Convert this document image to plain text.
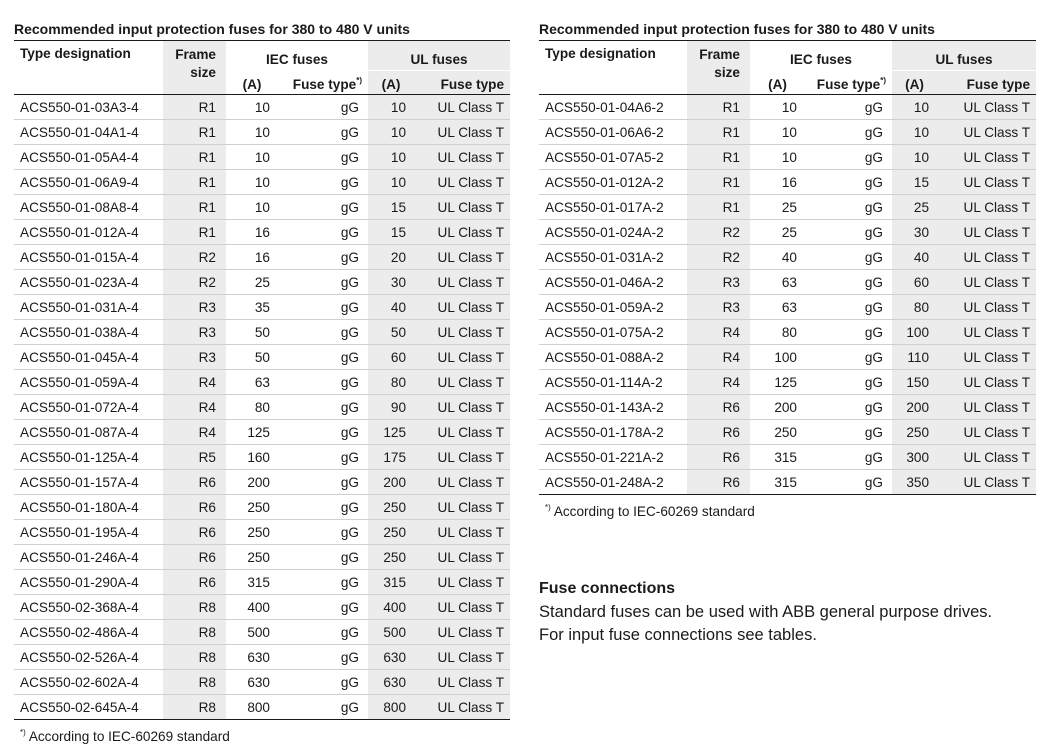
Recommended input protection fuses for 380 to 480 V units
Type designation	Frame size	IEC fuses		UL fuses	
		(A)	Fuse type*)	(A)	Fuse type
ACS550-01-03A3-4	R1	10	gG	10	UL Class T
ACS550-01-04A1-4	R1	10	gG	10	UL Class T
ACS550-01-05A4-4	R1	10	gG	10	UL Class T
ACS550-01-06A9-4	R1	10	gG	10	UL Class T
ACS550-01-08A8-4	R1	10	gG	15	UL Class T
ACS550-01-012A-4	R1	16	gG	15	UL Class T
ACS550-01-015A-4	R2	16	gG	20	UL Class T
ACS550-01-023A-4	R2	25	gG	30	UL Class T
ACS550-01-031A-4	R3	35	gG	40	UL Class T
ACS550-01-038A-4	R3	50	gG	50	UL Class T
ACS550-01-045A-4	R3	50	gG	60	UL Class T
ACS550-01-059A-4	R4	63	gG	80	UL Class T
ACS550-01-072A-4	R4	80	gG	90	UL Class T
ACS550-01-087A-4	R4	125	gG	125	UL Class T
ACS550-01-125A-4	R5	160	gG	175	UL Class T
ACS550-01-157A-4	R6	200	gG	200	UL Class T
ACS550-01-180A-4	R6	250	gG	250	UL Class T
ACS550-01-195A-4	R6	250	gG	250	UL Class T
ACS550-01-246A-4	R6	250	gG	250	UL Class T
ACS550-01-290A-4	R6	315	gG	315	UL Class T
ACS550-02-368A-4	R8	400	gG	400	UL Class T
ACS550-02-486A-4	R8	500	gG	500	UL Class T
ACS550-02-526A-4	R8	630	gG	630	UL Class T
ACS550-02-602A-4	R8	630	gG	630	UL Class T
ACS550-02-645A-4	R8	800	gG	800	UL Class T
*) According to IEC-60269 standard
Recommended input protection fuses for 380 to 480 V units
Type designation	Frame size	IEC fuses		UL fuses	
		(A)	Fuse type*)	(A)	Fuse type
ACS550-01-04A6-2	R1	10	gG	10	UL Class T
ACS550-01-06A6-2	R1	10	gG	10	UL Class T
ACS550-01-07A5-2	R1	10	gG	10	UL Class T
ACS550-01-012A-2	R1	16	gG	15	UL Class T
ACS550-01-017A-2	R1	25	gG	25	UL Class T
ACS550-01-024A-2	R2	25	gG	30	UL Class T
ACS550-01-031A-2	R2	40	gG	40	UL Class T
ACS550-01-046A-2	R3	63	gG	60	UL Class T
ACS550-01-059A-2	R3	63	gG	80	UL Class T
ACS550-01-075A-2	R4	80	gG	100	UL Class T
ACS550-01-088A-2	R4	100	gG	110	UL Class T
ACS550-01-114A-2	R4	125	gG	150	UL Class T
ACS550-01-143A-2	R6	200	gG	200	UL Class T
ACS550-01-178A-2	R6	250	gG	250	UL Class T
ACS550-01-221A-2	R6	315	gG	300	UL Class T
ACS550-01-248A-2	R6	315	gG	350	UL Class T
*) According to IEC-60269 standard
Fuse connections
Standard fuses can be used with ABB general purpose drives. For input fuse connections see tables.
